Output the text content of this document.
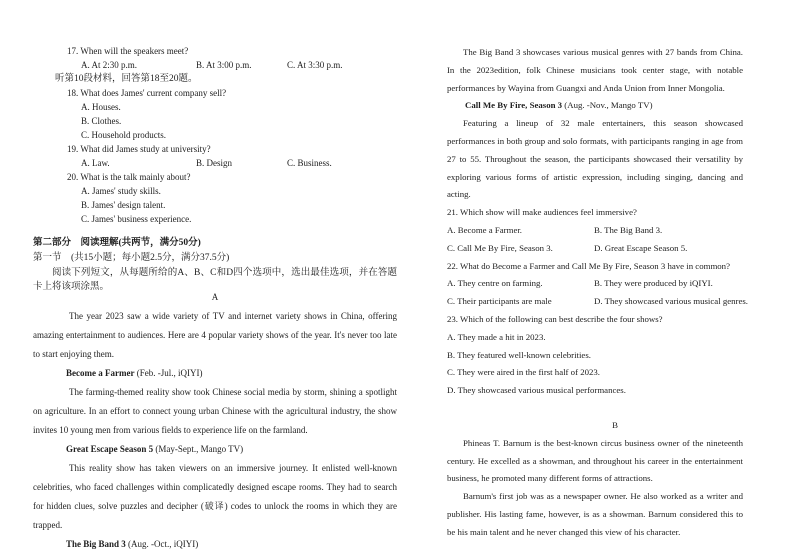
17. When will the speakers meet?
A. At 2:30 p.m.	B. At 3:00 p.m.	C. At 3:30 p.m.
听第10段材料，回答第18至20题。
18. What does James' current company sell?
A. Houses.
B. Clothes.
C. Household products.
19. What did James study at university?
A. Law.	B. Design	C. Business.
20. What is the talk mainly about?
A. James' study skills.
B. James' design talent.
C. James' business experience.
第二部分　阅读理解(共两节，满分50分)
第一节　(共15小题；每小题2.5分，满分37.5分)
阅读下列短文，从每题所给的A、B、C和D四个选项中，选出最佳选项，并在答题卡上将该项涂黑。
A

The year 2023 saw a wide variety of TV and internet variety shows in China, offering amazing entertainment to audiences. Here are 4 popular variety shows of the year. It's never too late to start enjoying them.

Become a Farmer (Feb. -Jul., iQIYI)

The farming-themed reality show took Chinese social media by storm, shining a spotlight on agriculture. In an effort to connect young urban Chinese with the agricultural industry, the show invites 10 young men from various fields to experience life on the farmland.

Great Escape Season 5 (May-Sept., Mango TV)

This reality show has taken viewers on an immersive journey. It enlisted well-known celebrities, who faced challenges within complicatedly designed escape rooms. They had to search for hidden clues, solve puzzles and decipher (破译) codes to unlock the rooms in which they are trapped.

The Big Band 3 (Aug. -Oct., iQIYI)

The Big Band 3 showcases various musical genres with 27 bands from China. In the 2023edition, folk Chinese musicians took center stage, with notable performances by Wayina from Guangxi and Anda Union from Inner Mongolia.

Call Me By Fire, Season 3 (Aug. -Nov., Mango TV)

Featuring a lineup of 32 male entertainers, this season showcased performances in both group and solo formats, with participants ranging in age from 27 to 55. Throughout the season, the participants showcased their versatility by exploring various forms of artistic expression, including singing, dancing and acting.

21. Which show will make audiences feel immersive?
A. Become a Farmer.	B. The Big Band 3.
C. Call Me By Fire, Season 3.	D. Great Escape Season 5.
22. What do Become a Farmer and Call Me By Fire, Season 3 have in common?
A. They centre on farming.	B. They were produced by iQIYI.
C. Their participants are male	D. They showcased various musical genres.
23. Which of the following can best describe the four shows?
A. They made a hit in 2023.
B. They featured well-known celebrities.
C. They were aired in the first half of 2023.
D. They showcased various musical performances.
B

Phineas T. Barnum is the best-known circus business owner of the nineteenth century. He excelled as a showman, and throughout his career in the entertainment business, he promoted many different forms of attractions.

Barnum's first job was as a newspaper owner. He also worked as a writer and publisher. His lasting fame, however, is as a showman. Barnum considered this to be his main talent and he never changed this view of his character.
